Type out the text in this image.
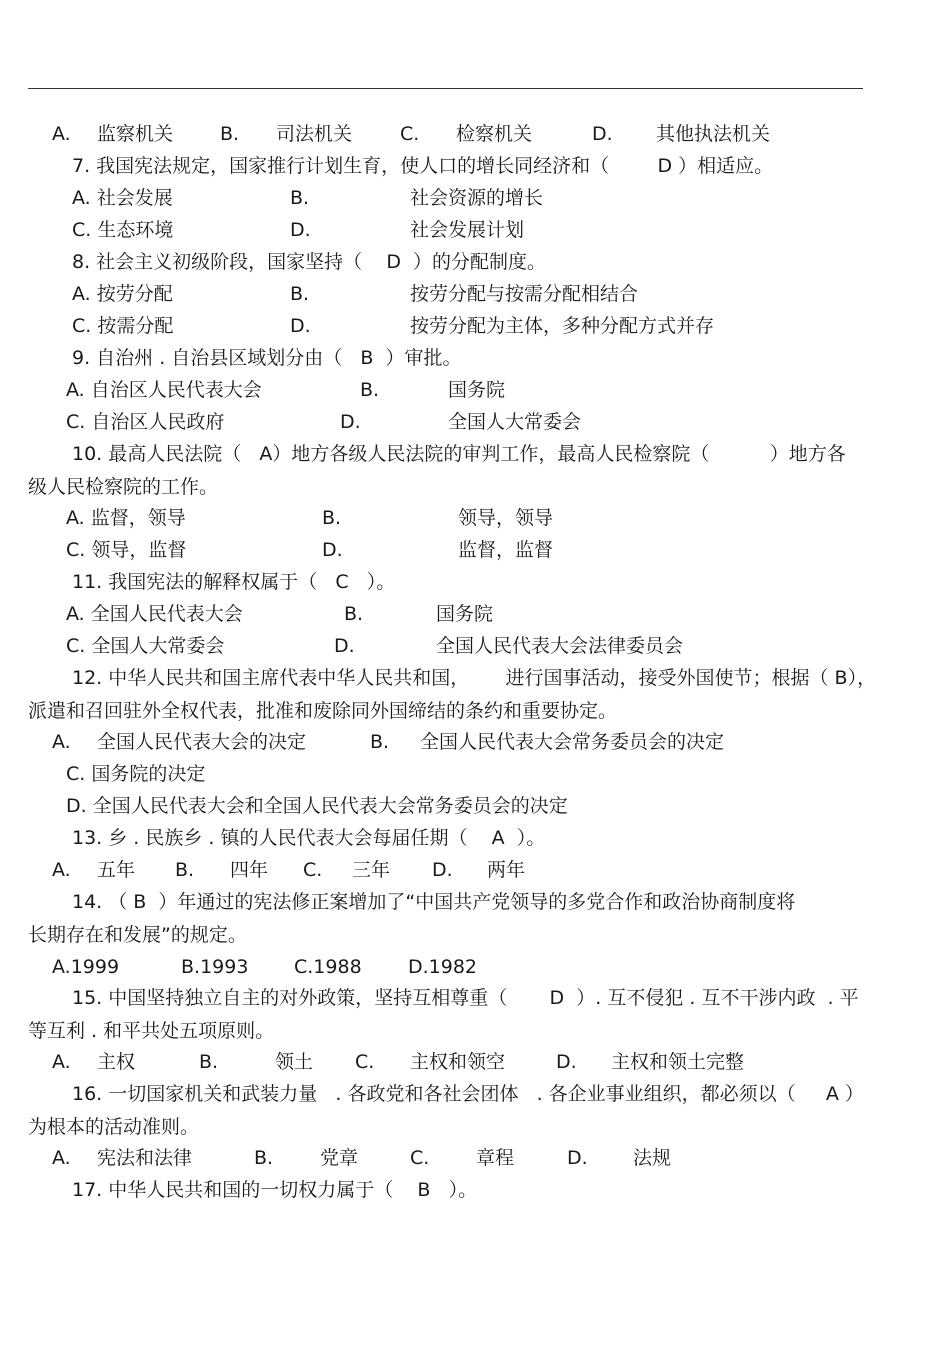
A. 监察机关 B. 司法机关	C. 检察机关	D. 其他执法机关
7. 我国宪法规定，国家推行计划生育，使人口的增长同经济和（        D ）相适应。
A. 社会发展	B.	社会资源的增长
C. 生态环境	D.	社会发展计划
8. 社会主义初级阶段，国家坚持（    D  ）的分配制度。
A. 按劳分配	B.	按劳分配与按需分配相结合
C. 按需分配	D.	按劳分配为主体，多种分配方式并存
9. 自治州 . 自治县区域划分由（   B  ）审批。
A. 自治区人民代表大会	B.	国务院
C. 自治区人民政府	D.	全国人大常委会
10. 最高人民法院（   A）地方各级人民法院的审判工作，最高人民检察院（          ）地方各
级人民检察院的工作。
A. 监督，领导	B.	领导，领导
C. 领导，监督	D.	监督，监督
11. 我国宪法的解释权属于（   C   ）。
A. 全国人民代表大会	B.	国务院
C. 全国人大常委会	D.	全国人民代表大会法律委员会
12. 中华人民共和国主席代表中华人民共和国，      进行国事活动，接受外国使节；根据（ B），
派遣和召回驻外全权代表，批准和废除同外国缔结的条约和重要协定。
A. 全国人民代表大会的决定	B. 全国人民代表大会常务委员会的决定
C. 国务院的决定
D. 全国人民代表大会和全国人民代表大会常务委员会的决定
13. 乡 . 民族乡 . 镇的人民代表大会每届任期（    A  ）。
A. 五年 B. 四年 C. 三年 D. 两年
14. （ B  ）年通过的宪法修正案增加了“中国共产党领导的多党合作和政治协商制度将
长期存在和发展”的规定。
A.1999	B.1993 C.1988 D.1982
15. 中国坚持独立自主的对外政策，坚持互相尊重（       D  ）. 互不侵犯 . 互不干涉内政  . 平
等互利 . 和平共处五项原则。
A. 主权	B.	领土 C. 主权和领空	D. 主权和领土完整
16. 一切国家机关和武装力量   . 各政党和各社会团体   . 各企业事业组织，都必须以（     A ）
为根本的活动准则。
A. 宪法和法律	B. 党章	C. 章程	D. 法规
17. 中华人民共和国的一切权力属于（    B   ）。
